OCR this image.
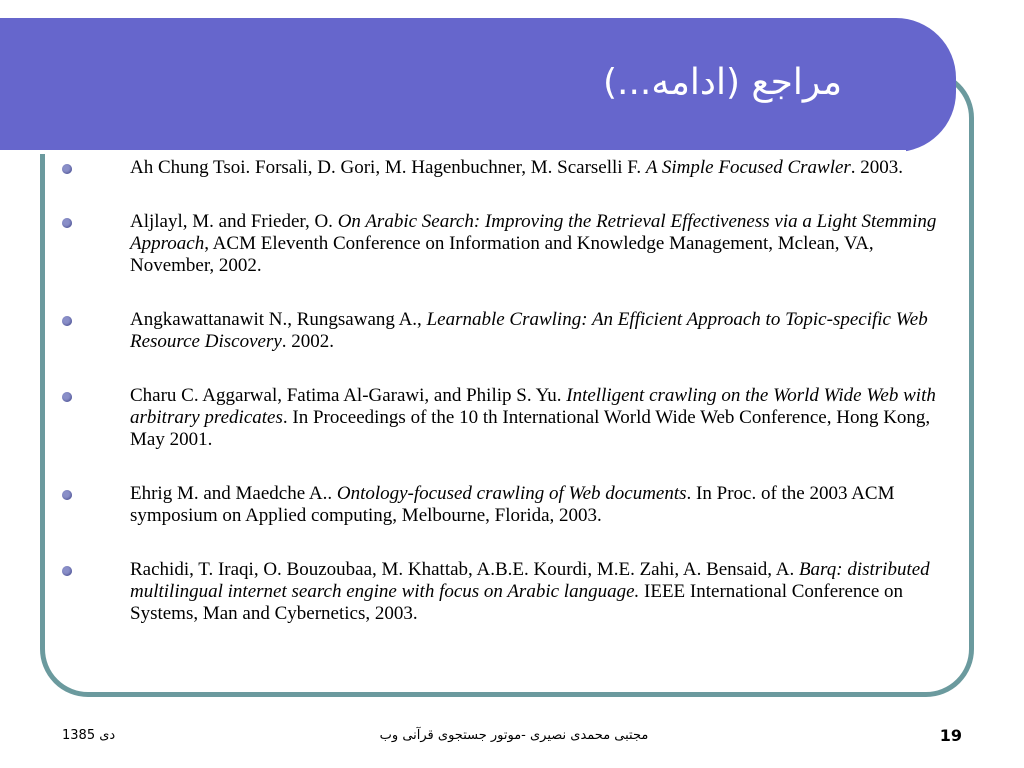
مراجع (ادامه...)
Ah Chung Tsoi. Forsali, D. Gori, M. Hagenbuchner, M. Scarselli F. A Simple Focused Crawler. 2003.
Aljlayl, M. and Frieder, O. On Arabic Search: Improving the Retrieval Effectiveness via a Light Stemming Approach, ACM Eleventh Conference on Information and Knowledge Management, Mclean, VA, November, 2002.
Angkawattanawit N., Rungsawang A., Learnable Crawling: An Efficient Approach to Topic-specific Web Resource Discovery. 2002.
Charu C. Aggarwal, Fatima Al-Garawi, and Philip S. Yu. Intelligent crawling on the World Wide Web with arbitrary predicates. In Proceedings of the 10 th International World Wide Web Conference, Hong Kong, May 2001.
Ehrig M. and Maedche A.. Ontology-focused crawling of Web documents. In Proc. of the 2003 ACM symposium on Applied computing, Melbourne, Florida, 2003.
Rachidi, T. Iraqi, O. Bouzoubaa, M. Khattab, A.B.E. Kourdi, M.E. Zahi, A. Bensaid, A. Barq: distributed multilingual internet search engine with focus on Arabic language. IEEE International Conference on Systems, Man and Cybernetics, 2003.
دی 1385	مجتبی محمدی نصیری -موتور جستجوی قرآنی وب	19
